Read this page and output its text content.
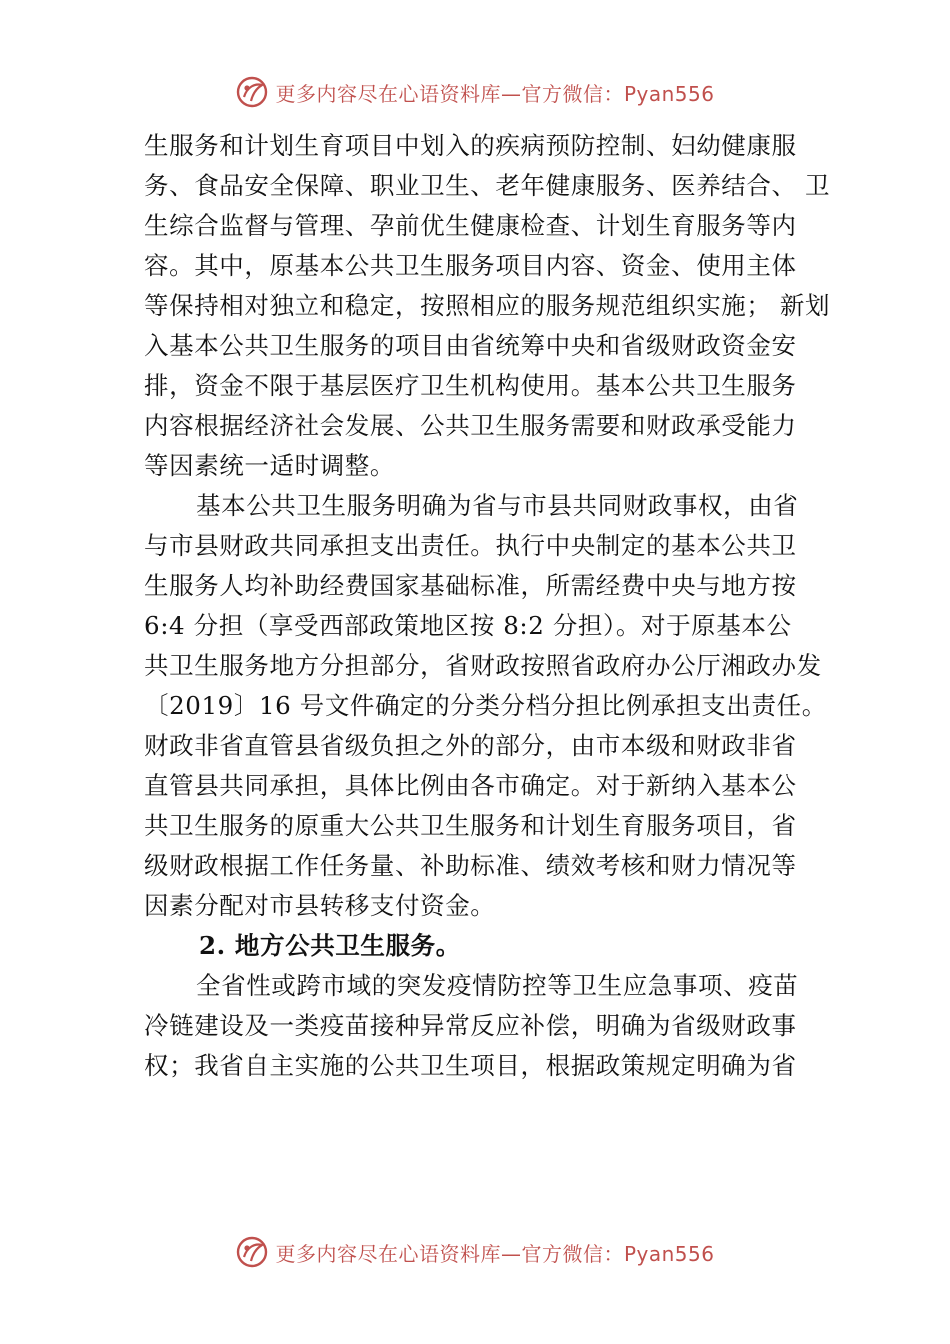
更多内容尽在心语资料库—官方微信：Pyan556
生服务和计划生育项目中划入的疾病预防控制、妇幼健康服
务、食品安全保障、职业卫生、老年健康服务、医养结合、 卫
生综合监督与管理、孕前优生健康检查、计划生育服务等内
容。其中，原基本公共卫生服务项目内容、资金、使用主体
等保持相对独立和稳定，按照相应的服务规范组织实施； 新划
入基本公共卫生服务的项目由省统筹中央和省级财政资金安
排，资金不限于基层医疗卫生机构使用。基本公共卫生服务
内容根据经济社会发展、公共卫生服务需要和财政承受能力
等因素统一适时调整。
基本公共卫生服务明确为省与市县共同财政事权，由省
与市县财政共同承担支出责任。执行中央制定的基本公共卫
生服务人均补助经费国家基础标准，所需经费中央与地方按
6:4 分担（享受西部政策地区按 8:2 分担）。对于原基本公
共卫生服务地方分担部分，省财政按照省政府办公厅湘政办发
〔2019〕16 号文件确定的分类分档分担比例承担支出责任。
财政非省直管县省级负担之外的部分，由市本级和财政非省
直管县共同承担，具体比例由各市确定。对于新纳入基本公
共卫生服务的原重大公共卫生服务和计划生育服务项目，省
级财政根据工作任务量、补助标准、绩效考核和财力情况等
因素分配对市县转移支付资金。
2. 地方公共卫生服务。
全省性或跨市域的突发疫情防控等卫生应急事项、疫苗
冷链建设及一类疫苗接种异常反应补偿，明确为省级财政事
权；我省自主实施的公共卫生项目，根据政策规定明确为省
更多内容尽在心语资料库—官方微信：Pyan556
